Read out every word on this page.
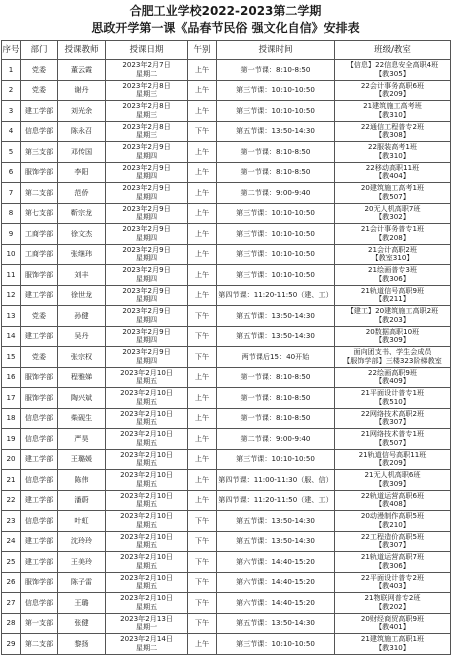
合肥工业学校2022-2023第二学期
思政开学第一课《品春节民俗 强文化自信》安排表
序号	部门	授课教师	授课日期	午别	授课时间	班级/教室
1	党委	董云霞	2023年2月7日
星期二	上午	第一节课：8:10-8:50	【信息】22信息安全高职4班
【教305】

2	党委	谢丹	2023年2月8日
星期三	上午	第三节课：10:10-10:50	22会计事务高职6班
【教209】

3	建工学部	刘光余	2023年2月8日
星期三	上午	第三节课：10:10-10:50	21建筑施工高考班
【教310】

4	信息学部	陈永召	2023年2月8日
星期三	下午	第五节课：13:50-14:30	22通信工程普专2班
【教308】

5	第三支部	邓传国	2023年2月9日
星期四	上午	第一节课：8:10-8:50	22服装高考1班
【教310】

6	服饰学部	李阳	2023年2月9日
星期四	上午	第一节课：8:10-8:50	22移动高职11班
【教404】

7	第二支部	范侨	2023年2月9日
星期四	上午	第二节课：9:00-9:40	20建筑施工高考1班
【教507】

8	第七支部	靳宗龙	2023年2月9日
星期四	上午	第三节课：10:10-10:50	20无人机高职7班
【教302】

9	工商学部	徐文杰	2023年2月9日
星期四	上午	第三节课：10:10-10:50	21会计事务普专1班
【教208】

10	工商学部	张继玮	2023年2月9日
星期四	上午	第三节课：10:10-10:50	21会计高职2班
【教室310】

11	服饰学部	刘丰	2023年2月9日
星期四	上午	第三节课：10:10-10:50	21绘画普专3班
【教306】

12	建工学部	徐世龙	2023年2月9日
星期四	上午	第四节课：11:20-11:50（建、工）	21轨道信号高职9班
【教211】

13	党委	孙健	2023年2月9日
星期四	下午	第五节课：13:50-14:30	【建工】20建筑施工高职2班
【教203】

14	建工学部	吴丹	2023年2月9日
星期四	下午	第五节课：13:50-14:30	20数据高职10班
【教309】

15	党委	张宗权	2023年2月9日
星期四	下午	两节课后15：40开始	面向团支书、学生会成员
【服饰学部】三楼323阶梯教室

16	服饰学部	程雅娣	2023年2月10日
星期五	上午	第一节课：8:10-8:50	22绘画高职9班
【教409】

17	服饰学部	陶兴斌	2023年2月10日
星期五	上午	第一节课：8:10-8:50	21平面设计普专1班
【教510】

18	信息学部	柴砚生	2023年2月10日
星期五	上午	第一节课：8:10-8:50	22网络技术高职2班
【教307】

19	信息学部	严昊	2023年2月10日
星期五	上午	第二节课：9:00-9:40	21网络技术普专1班
【教507】

20	建工学部	王璐媛	2023年2月10日
星期五	上午	第三节课：10:10-10:50	21轨道信号高职11班
【教209】

21	信息学部	陈伟	2023年2月10日
星期五	上午	第四节课：11:00-11:30（服、信）	21无人机高职6班
【教309】

22	建工学部	潘蔚	2023年2月10日
星期五	上午	第四节课：11:20-11:50（建、工）	22轨道运营高职6班
【教408】

23	信息学部	叶虹	2023年2月10日
星期五	下午	第五节课：13:50-14:30	20动漫制作高职5班
【教210】

24	建工学部	沈玲玲	2023年2月10日
星期五	下午	第五节课：13:50-14:30	22工程造价高职5班
【教307】

25	建工学部	王美玲	2023年2月10日
星期五	下午	第六节课：14:40-15:20	21轨道运营高职7班
【教306】

26	服饰学部	陈子雷	2023年2月10日
星期五	下午	第六节课：14:40-15:20	22平面设计普专2班
【教403】

27	信息学部	王璐	2023年2月10日
星期五	下午	第六节课：14:40-15:20	21物联网普专2班
【教202】

28	第一支部	张健	2023年2月13日
星期一	下午	第五节课：13:50-14:30	20财经商贸高职9班
【教401】

29	第二支部	黎扬	2023年2月14日
星期二	上午	第三节课：10:10-10:50	21建筑施工高职1班
【教310】
